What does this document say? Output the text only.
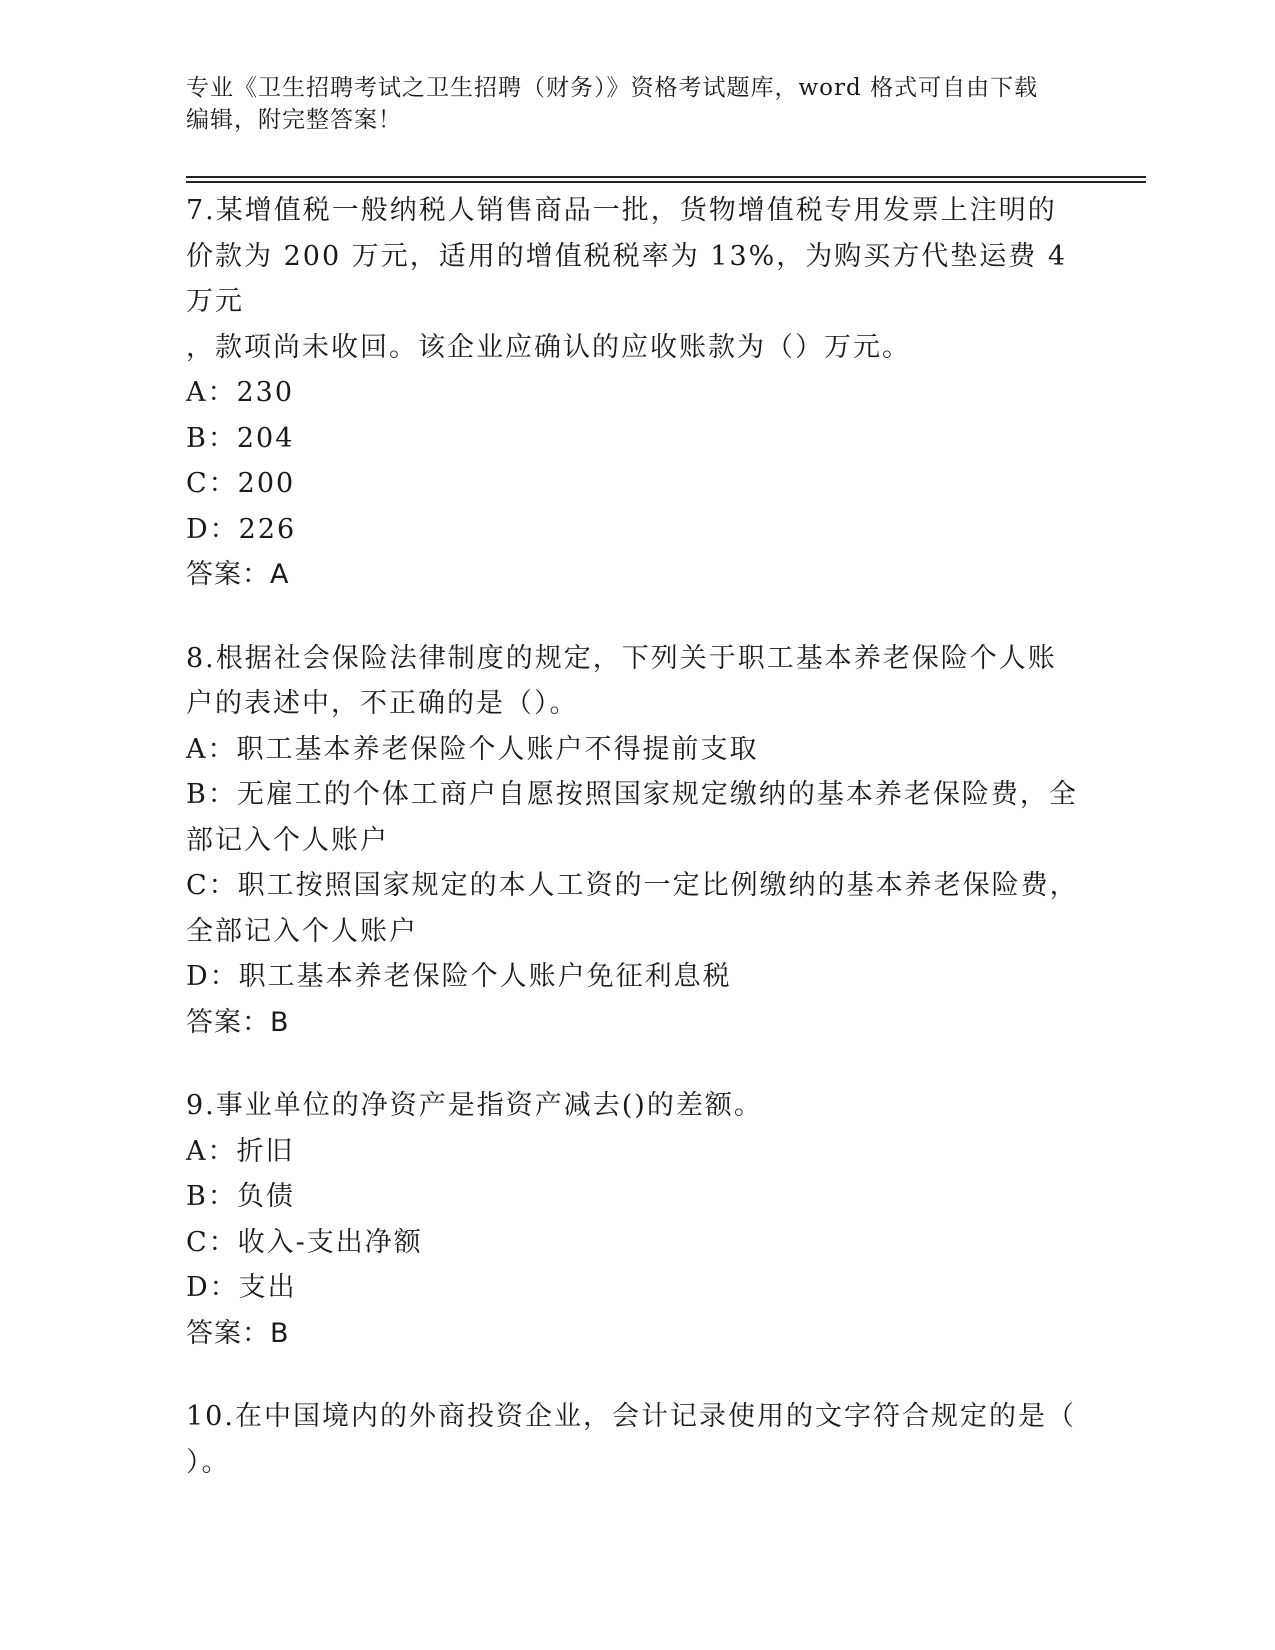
专业《卫生招聘考试之卫生招聘（财务）》资格考试题库，word 格式可自由下载
编辑，附完整答案！
7.某增值税一般纳税人销售商品一批，货物增值税专用发票上注明的
价款为 200 万元，适用的增值税税率为 13%，为购买方代垫运费 4 万元
，款项尚未收回。该企业应确认的应收账款为（）万元。
A：230
B：204
C：200
D：226
答案：A
8.根据社会保险法律制度的规定，下列关于职工基本养老保险个人账
户的表述中，不正确的是（）。
A：职工基本养老保险个人账户不得提前支取
B：无雇工的个体工商户自愿按照国家规定缴纳的基本养老保险费，全
部记入个人账户
C：职工按照国家规定的本人工资的一定比例缴纳的基本养老保险费，
全部记入个人账户
D：职工基本养老保险个人账户免征利息税
答案：B
9.事业单位的净资产是指资产减去()的差额。
A：折旧
B：负债
C：收入-支出净额
D：支出
答案：B
10.在中国境内的外商投资企业，会计记录使用的文字符合规定的是（
）。
